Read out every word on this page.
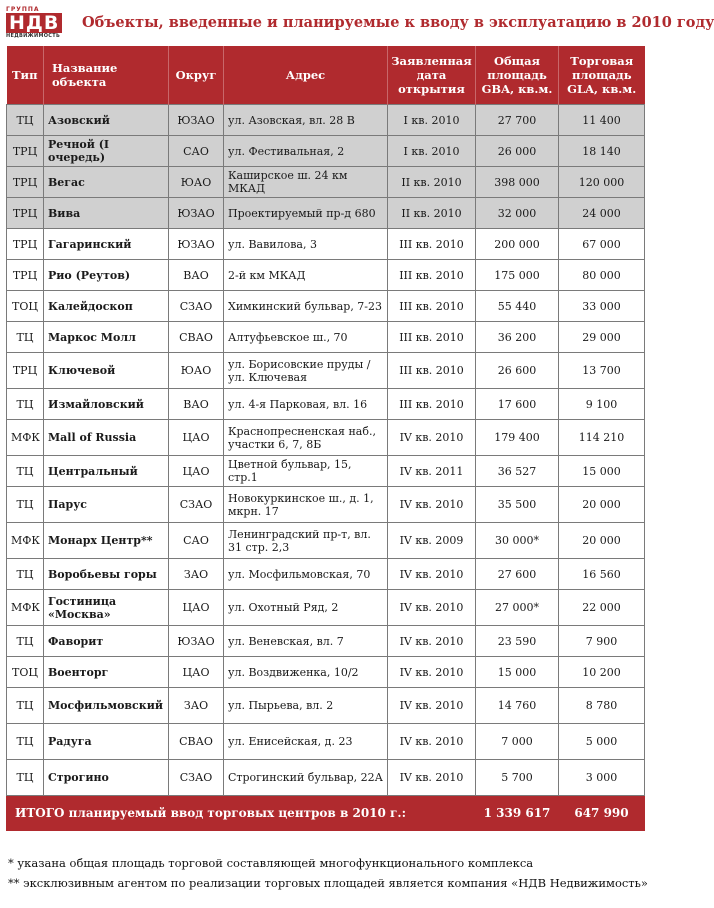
ГРУППА
НДВ
НЕДВИЖИМОСТЬ
Объекты, введенные и планируемые к вводу в эксплуатацию в 2010 году
Тип	Название объекта	Округ	Адрес	Заявленная дата открытия	Общая площадь GBA, кв.м.	Торговая площадь GLA, кв.м.
ТЦ	Азовский	ЮЗАО	ул. Азовская, вл. 28 В	I кв. 2010	27 700	11 400
ТРЦ	Речной (I очередь)	САО	ул. Фестивальная, 2	I кв. 2010	26 000	18 140
ТРЦ	Вегас	ЮАО	Каширское ш. 24 км МКАД	II кв. 2010	398 000	120 000
ТРЦ	Вива	ЮЗАО	Проектируемый пр-д 680	II кв. 2010	32 000	24 000
ТРЦ	Гагаринский	ЮЗАО	ул. Вавилова, 3	III кв. 2010	200 000	67 000
ТРЦ	Рио (Реутов)	ВАО	2-й км МКАД	III кв. 2010	175 000	80 000
ТОЦ	Калейдоскоп	СЗАО	Химкинский бульвар, 7-23	III кв. 2010	55 440	33 000
ТЦ	Маркос Молл	СВАО	Алтуфьевское ш., 70	III кв. 2010	36 200	29 000
ТРЦ	Ключевой	ЮАО	ул. Борисовские пруды / ул. Ключевая	III кв. 2010	26 600	13 700
ТЦ	Измайловский	ВАО	ул. 4-я Парковая, вл. 16	III кв. 2010	17 600	9 100
МФК	Mall of Russia	ЦАО	Краснопресненская наб., участки 6, 7, 8Б	IV кв. 2010	179 400	114 210
ТЦ	Центральный	ЦАО	Цветной бульвар, 15, стр.1	IV кв. 2011	36 527	15 000
ТЦ	Парус	СЗАО	Новокуркинское ш., д. 1, мкрн. 17	IV кв. 2010	35 500	20 000
МФК	Монарх Центр**	САО	Ленинградский пр-т, вл. 31 стр. 2,3	IV кв. 2009	30 000*	20 000
ТЦ	Воробьевы горы	ЗАО	ул. Мосфильмовская, 70	IV кв. 2010	27 600	16 560
МФК	Гостиница «Москва»	ЦАО	ул. Охотный Ряд, 2	IV кв. 2010	27 000*	22 000
ТЦ	Фаворит	ЮЗАО	ул. Веневская, вл. 7	IV кв. 2010	23 590	7 900
ТОЦ	Военторг	ЦАО	ул. Воздвиженка, 10/2	IV кв. 2010	15 000	10 200
ТЦ	Мосфильмовский	ЗАО	ул. Пырьева, вл. 2	IV кв. 2010	14 760	8 780
ТЦ	Радуга	СВАО	ул. Енисейская, д. 23	IV кв. 2010	7 000	5 000
ТЦ	Строгино	СЗАО	Строгинский бульвар, 22А	IV кв. 2010	5 700	3 000
ИТОГО планируемый ввод торговых центров в 2010 г.:					1 339 617	647 990
* указана общая площадь торговой составляющей многофункционального комплекса
** эксклюзивным агентом по реализации торговых площадей является компания «НДВ Недвижимость»
